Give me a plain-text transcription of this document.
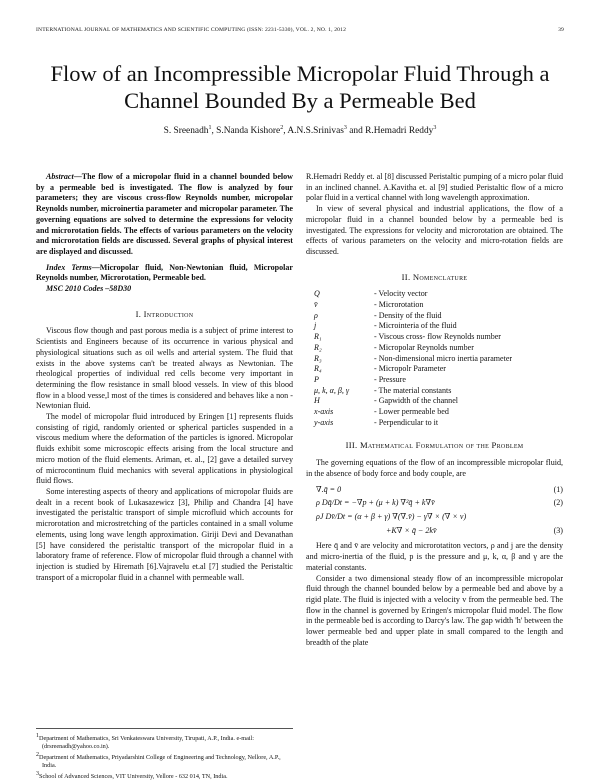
INTERNATIONAL JOURNAL OF MATHEMATICS AND SCIENTIFIC COMPUTING (ISSN: 2231-5330), VOL. 2, NO. 1, 2012	39
Flow of an Incompressible Micropolar Fluid Through a Channel Bounded By a Permeable Bed
S. Sreenadh$^1$, S.Nanda Kishore$^2$, A.N.S.Srinivas$^3$ and R.Hemadri Reddy$^3$

Abstract—The flow of a micropolar fluid in a channel bounded below by a permeable bed is investigated. The flow is analyzed by four parameters; they are viscous cross-flow Reynolds number, micropolar Reynolds number, microinertia parameter and micropolar parameter. The governing equations are solved to determine the expressions for velocity and microrotation fields. The effects of various parameters on the velocity and microrotation fields are discussed. Several graphs of physical interest are displayed and discussed.

Index Terms—Micropolar fluid, Non-Newtonian fluid, Micropolar Reynolds number, Microrotation, Permeable bed.

MSC 2010 Codes –58D30
I. Introduction

Viscous flow though and past porous media is a subject of prime interest to Scientists and Engineers because of its occurrence in various physical and physiological situations such as oil wells and arterial system. The fluid that exists in the above systems can't be treated always as Newtonian. The rheological properties of individual red cells become very important in determining the flow resistance in small blood vessels. In view of this blood flow in a blood vesse,l most of the times is considered and behaves like a non - Newtonian fluid.

The model of micropolar fluid introduced by Eringen [1] represents fluids consisting of rigid, randomly oriented or spherical particles suspended in a viscous medium where the deformation of the particles is ignored. Micropolar fluids exhibit some microscopic effects arising from the local structure and micro motion of the fluid elements. Ariman, et. al., [2] gave a detailed survey of microcontinum fluid mechanics with several applications in physiological fluid flows.

Some interesting aspects of theory and applications of micropolar fluids are dealt in a recent book of Lukasazewicz [3], Philip and Chandra [4] have investigated the peristaltic transport of simple microfluid which accounts for microrotation and microstretching of the particles contained in a small volume elements, using long wave length approximation. Giriji Devi and Devanathan [5] have considered the peristaltic transport of the micropolar fluid in a laboratory frame of reference. Flow of micropolar fluid through a channel with injection is studied by Hiremath [6].Vajravelu et.al [7] studied the Peristaltic transport of a micropolar fluid in a channel with permeable wall.

$^1$Department of Mathematics, Sri Venkateswara University, Tirupati, A.P., India. e-mail: (drsreenadh@yahoo.co.in).

$^2$Department of Mathematics, Priyadarshini College of Engineering and Technology, Nellore, A.P., India.

$^3$School of Advanced Sciences, VIT University, Vellore - 632 014, TN, India.

R.Hemadri Reddy et. al [8] discussed Peristaltic pumping of a micro polar fluid in an inclined channel. A.Kavitha et. al [9] studied Peristaltic flow of a micro polar fluid in a vertical channel with long wavelength approximation.

In view of several physical and industrial applications, the flow of a micropolar fluid in a channel bounded below by a permeable bed is investigated. The expressions for velocity and microrotation are obtained. The effects of various parameters on the velocity and micro-rotation fields are discussed.

II. Nomenclature
Q	- Velocity vector
v̄	- Microrotation
ρ	- Density of the fluid
j	- Microinteria of the fluid
R₁	- Viscous cross- flow Reynolds number
R₂	- Micropolar Reynolds number
R₃	- Non-dimensional micro inertia parameter
R₄	- Micropolr Parameter
P	- Pressure
μ, k, α, β, γ	- The material constants
H	- Gapwidth of the channel
x-axis	- Lower permeable bed
y-axis	- Perpendicular to it
III. Mathematical Formulation of the Problem

The governing equations of the flow of an incompressible micropolar fluid, in the absence of body force and body couple, are

∇.q̄ = 0	(1)
ρ Dq̄/Dt = −∇p + (μ + k) ∇²q̄ + k∇v̄	(2)
ρJ Dv̄/Dt = (α + β + γ) ∇(∇.v̄) − γ∇ × (∇ × v)
+K∇ × q̄ − 2kv̄	(3)

Here q̄ and v̄ are velocity and microrotatiton vectors, ρ and j are the density and micro-inertia of the fluid, p is the pressure and μ, k, α, β and γ are the material constants.

Consider a two dimensional steady flow of an incompressible micropolar fluid through the channel bounded below by a permeable bed and above by a rigid plate. The fluid is injected with a velocity v from the permeable bed. The flow in the channel is governed by Eringen's micropolar fluid model. The flow in the permeable bed is according to Darcy's law. The gap width 'h' between the lower permeable bed and upper plate in small compared to the length and breadth of the plate
